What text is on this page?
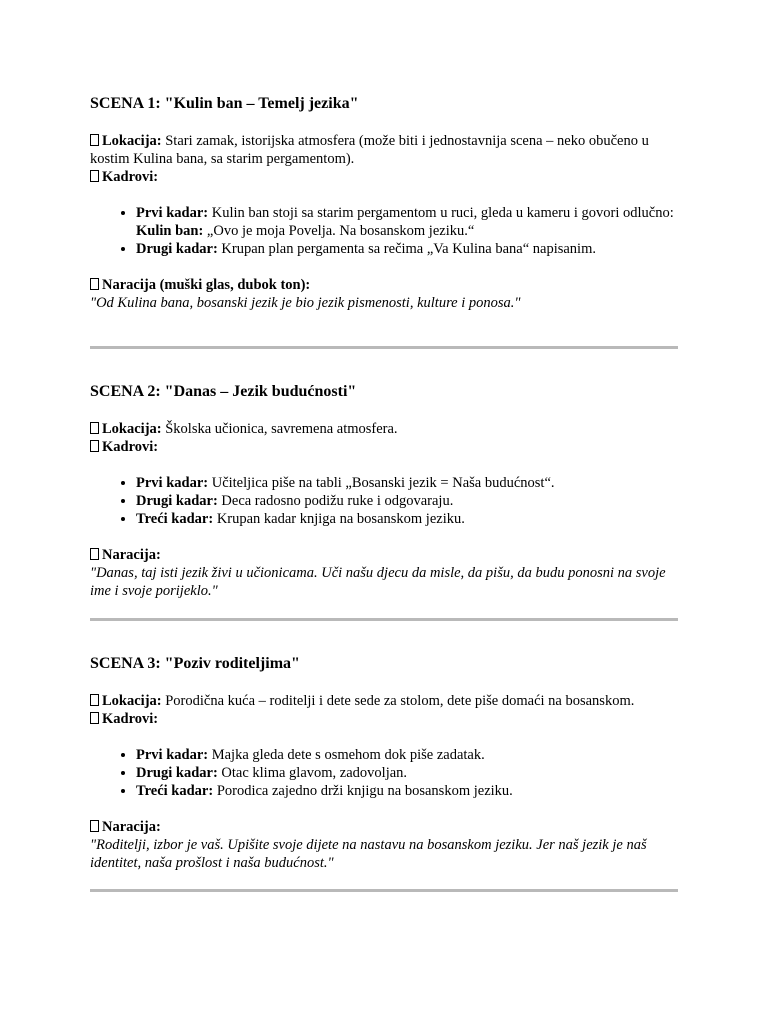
SCENA 1: "Kulin ban – Temelj jezika"

Lokacija: Stari zamak, istorijska atmosfera (može biti i jednostavnija scena – neko obučeno u kostim Kulina bana, sa starim pergamentom).

Kadrovi:

• Prvi kadar: Kulin ban stoji sa starim pergamentom u ruci, gleda u kameru i govori odlučno:
Kulin ban: „Ovo je moja Povelja. Na bosanskom jeziku.“
• Drugi kadar: Krupan plan pergamenta sa rečima „Va Kulina bana“ napisanim.

Naracija (muški glas, dubok ton):

"Od Kulina bana, bosanski jezik je bio jezik pismenosti, kulture i ponosa."

SCENA 2: "Danas – Jezik budućnosti"

Lokacija: Školska učionica, savremena atmosfera.

Kadrovi:

• Prvi kadar: Učiteljica piše na tabli „Bosanski jezik = Naša budućnost“.
• Drugi kadar: Deca radosno podižu ruke i odgovaraju.
• Treći kadar: Krupan kadar knjiga na bosanskom jeziku.

Naracija:

"Danas, taj isti jezik živi u učionicama. Uči našu djecu da misle, da pišu, da budu ponosni na svoje ime i svoje porijeklo."

SCENA 3: "Poziv roditeljima"

Lokacija: Porodična kuća – roditelji i dete sede za stolom, dete piše domaći na bosanskom.

Kadrovi:

• Prvi kadar: Majka gleda dete s osmehom dok piše zadatak.
• Drugi kadar: Otac klima glavom, zadovoljan.
• Treći kadar: Porodica zajedno drži knjigu na bosanskom jeziku.

Naracija:

"Roditelji, izbor je vaš. Upišite svoje dijete na nastavu na bosanskom jeziku. Jer naš jezik je naš identitet, naša prošlost i naša budućnost."
